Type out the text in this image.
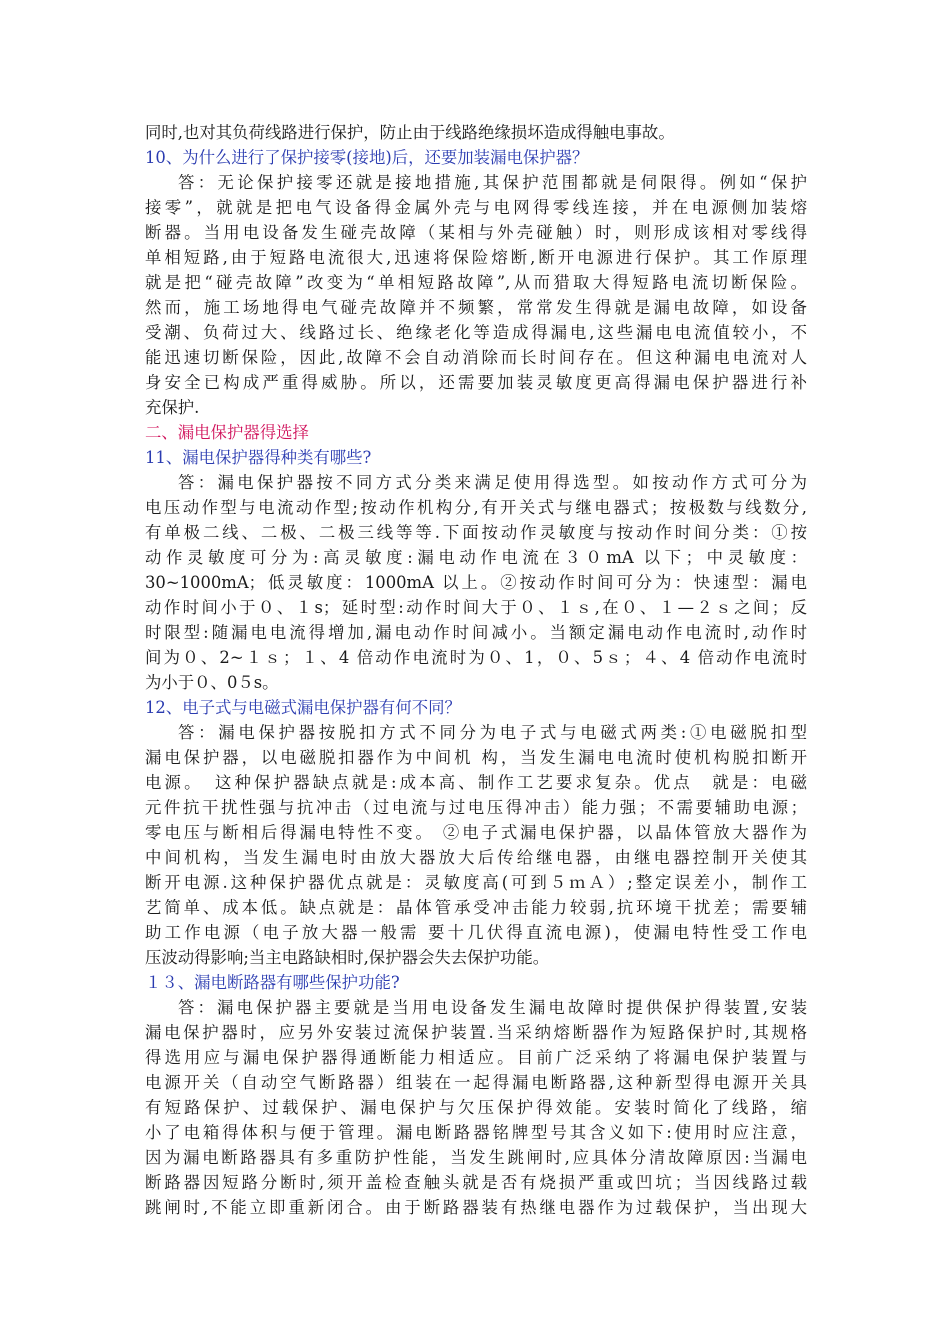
同时,也对其负荷线路进行保护，防止由于线路绝缘损坏造成得触电事故。
10、为什么进行了保护接零(接地)后，还要加装漏电保护器？
答：无论保护接零还就是接地措施,其保护范围都就是伺限得。例如“保护
接零”，就就是把电气设备得金属外壳与电网得零线连接，并在电源侧加装熔
断器。当用电设备发生碰壳故障（某相与外壳碰触）时，则形成该相对零线得
单相短路,由于短路电流很大,迅速将保险熔断,断开电源进行保护。其工作原理
就是把“碰壳故障”改变为“单相短路故障”,从而猎取大得短路电流切断保险。
然而，施工场地得电气碰壳故障并不频繁，常常发生得就是漏电故障，如设备
受潮、负荷过大、线路过长、绝缘老化等造成得漏电,这些漏电电流值较小，不
能迅速切断保险，因此,故障不会自动消除而长时间存在。但这种漏电电流对人
身安全已构成严重得威胁。所以，还需要加装灵敏度更高得漏电保护器进行补
充保护.
二、漏电保护器得选择
11、漏电保护器得种类有哪些?
答：漏电保护器按不同方式分类来满足使用得选型。如按动作方式可分为
电压动作型与电流动作型;按动作机构分,有开关式与继电器式；按极数与线数分,
有单极二线、二极、二极三线等等.下面按动作灵敏度与按动作时间分类：①按
动作灵敏度可分为:高灵敏度:漏电动作电流在３０mA 以下；中灵敏度：
30~1000mA；低灵敏度：1000mA 以上。②按动作时间可分为：快速型：漏电
动作时间小于０、１s；延时型:动作时间大于０、１ｓ,在０、１—２ｓ之间；反
时限型:随漏电电流得增加,漏电动作时间减小。当额定漏电动作电流时,动作时
间为０、2~１ｓ；１、4 倍动作电流时为０、1，０、5ｓ；４、4 倍动作电流时
为小于０、0５s。
12、电子式与电磁式漏电保护器有何不同？
答：漏电保护器按脱扣方式不同分为电子式与电磁式两类:①电磁脱扣型
漏电保护器，以电磁脱扣器作为中间机 构，当发生漏电电流时使机构脱扣断开
电源。　这种保护器缺点就是:成本高、制作工艺要求复杂。优点　就是：电磁
元件抗干扰性强与抗冲击（过电流与过电压得冲击）能力强；不需要辅助电源；
零电压与断相后得漏电特性不变。 ②电子式漏电保护器，以晶体管放大器作为
中间机构，当发生漏电时由放大器放大后传给继电器，由继电器控制开关使其
断开电源.这种保护器优点就是：灵敏度高(可到５ｍＡ）;整定误差小，制作工
艺简单、成本低。缺点就是：晶体管承受冲击能力较弱,抗环境干扰差；需要辅
助工作电源（电子放大器一般需 要十几伏得直流电源)，使漏电特性受工作电
压波动得影响;当主电路缺相时,保护器会失去保护功能。
１３、漏电断路器有哪些保护功能?
答：漏电保护器主要就是当用电设备发生漏电故障时提供保护得装置,安装
漏电保护器时，应另外安装过流保护装置.当采纳熔断器作为短路保护时,其规格
得选用应与漏电保护器得通断能力相适应。目前广泛采纳了将漏电保护装置与
电源开关（自动空气断路器）组装在一起得漏电断路器,这种新型得电源开关具
有短路保护、过载保护、漏电保护与欠压保护得效能。安装时简化了线路，缩
小了电箱得体积与便于管理。漏电断路器铭牌型号其含义如下:使用时应注意，
因为漏电断路器具有多重防护性能，当发生跳闸时,应具体分清故障原因:当漏电
断路器因短路分断时,须开盖检查触头就是否有烧损严重或凹坑；当因线路过载
跳闸时,不能立即重新闭合。由于断路器装有热继电器作为过载保护，当出现大
